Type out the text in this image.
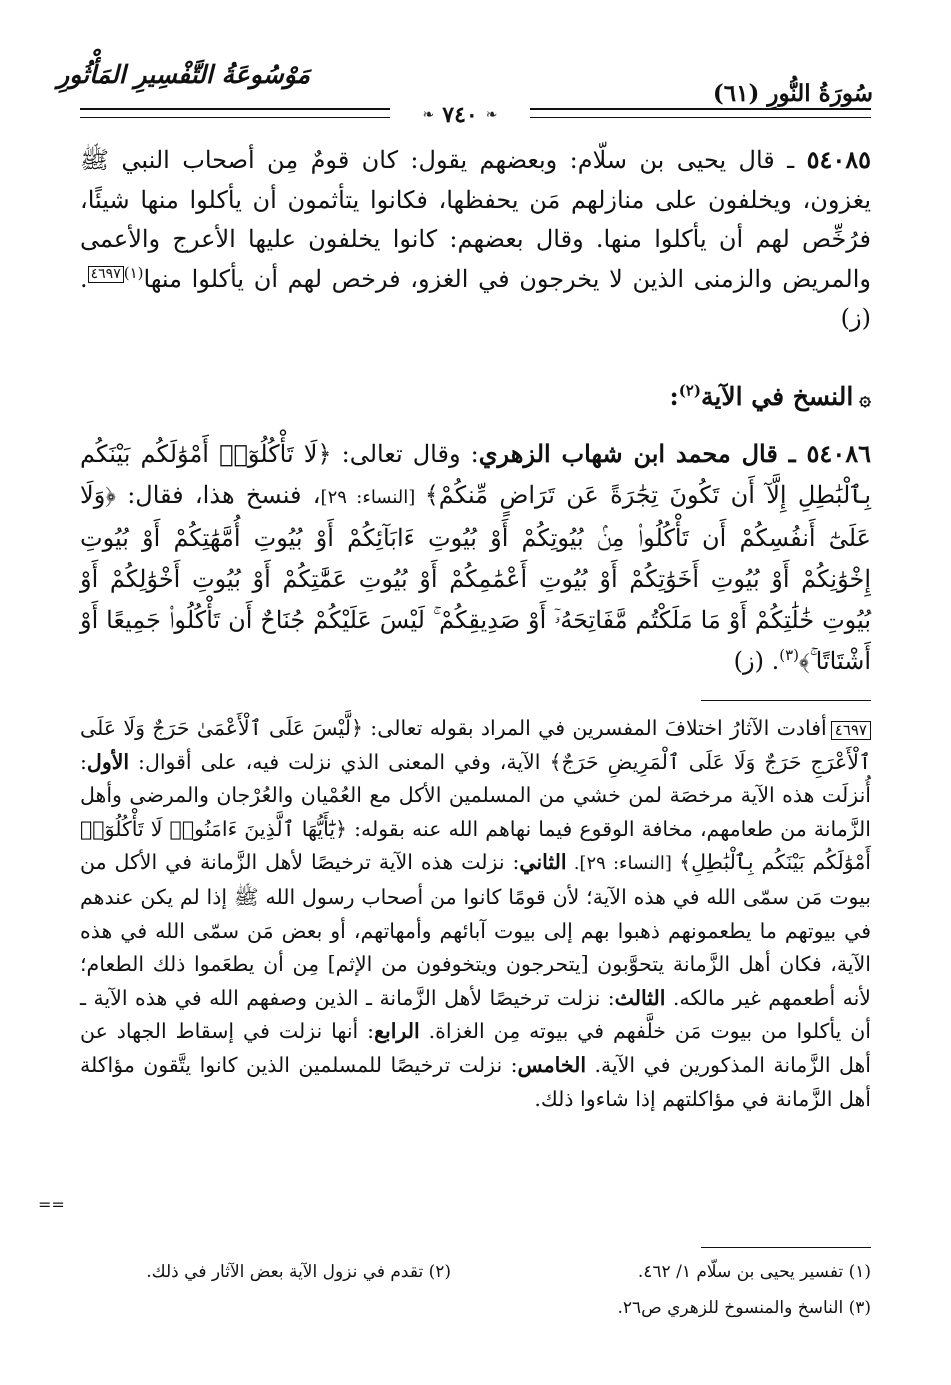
سُورَةُ النُّورِ (٦١)
مَوْسُوعَةُ التَّفْسِيرِ المَأْثُورِ
❧ ٧٤٠ ❧

٥٤٠٨٥ ـ قال يحيى بن سلّام: وبعضهم يقول: كان قومٌ مِن أصحاب النبي ﷺ يغزون، ويخلفون على منازلهم مَن يحفظها، فكانوا يتأثمون أن يأكلوا منها شيئًا، فرُخِّص لهم أن يأكلوا منها. وقال بعضهم: كانوا يخلفون عليها الأعرج والأعمى والمريض والزمنى الذين لا يخرجون في الغزو، فرخص لهم أن يأكلوا منها$^{(١)}$٤٦٩٧. (ز)

۞النسخ في الآية$^{(٢)}$:
٥٤٠٨٦ ـ قال محمد ابن شهاب الزهري: وقال تعالى: ﴿لَا تَأْكُلُوٓا۟ أَمْوَٰلَكُم بَيْنَكُم بِٱلْبَٰطِلِ إِلَّآ أَن تَكُونَ تِجَٰرَةً عَن تَرَاضٍ مِّنكُمْ﴾ [النساء: ٢٩]، فنسخ هذا، فقال: ﴿وَلَا عَلَىٰٓ أَنفُسِكُمْ أَن تَأْكُلُوا۟ مِنۢ بُيُوتِكُمْ أَوْ بُيُوتِ ءَابَآئِكُمْ أَوْ بُيُوتِ أُمَّهَٰتِكُمْ أَوْ بُيُوتِ إِخْوَٰنِكُمْ أَوْ بُيُوتِ أَخَوَٰتِكُمْ أَوْ بُيُوتِ أَعْمَٰمِكُمْ أَوْ بُيُوتِ عَمَّٰتِكُمْ أَوْ بُيُوتِ أَخْوَٰلِكُمْ أَوْ بُيُوتِ خَٰلَٰتِكُمْ أَوْ مَا مَلَكْتُم مَّفَاتِحَهُۥٓ أَوْ صَدِيقِكُمْ ۚ لَيْسَ عَلَيْكُمْ جُنَاحٌ أَن تَأْكُلُوا۟ جَمِيعًا أَوْ أَشْتَاتًا ۚ﴾$^{(٣)}$. (ز)
٤٦٩٧أفادت الآثارُ اختلافَ المفسرين في المراد بقوله تعالى: ﴿لَّيْسَ عَلَى ٱلْأَعْمَىٰ حَرَجٌ وَلَا عَلَى ٱلْأَعْرَجِ حَرَجٌ وَلَا عَلَى ٱلْمَرِيضِ حَرَجٌ﴾ الآية، وفي المعنى الذي نزلت فيه، على أقوال: الأول: أُنزلَت هذه الآية مرخصَة لمن خشي من المسلمين الأكل مع العُمْيان والعُرْجان والمرضى وأهل الزَّمانة من طعامهم، مخافة الوقوع فيما نهاهم الله عنه بقوله: ﴿يَٰٓأَيُّهَا ٱلَّذِينَ ءَامَنُوا۟ لَا تَأْكُلُوٓا۟ أَمْوَٰلَكُم بَيْنَكُم بِٱلْبَٰطِلِ﴾ [النساء: ٢٩]. الثاني: نزلت هذه الآية ترخيصًا لأهل الزَّمانة في الأكل من بيوت مَن سمّى الله في هذه الآية؛ لأن قومًا كانوا من أصحاب رسول الله ﷺ إذا لم يكن عندهم في بيوتهم ما يطعمونهم ذهبوا بهم إلى بيوت آبائهم وأمهاتهم، أو بعض مَن سمّى الله في هذه الآية، فكان أهل الزَّمانة يتحوَّبون [يتحرجون ويتخوفون من الإثم] مِن أن يطعَموا ذلك الطعام؛ لأنه أطعمهم غير مالكه. الثالث: نزلت ترخيصًا لأهل الزَّمانة ـ الذين وصفهم الله في هذه الآية ـ أن يأكلوا من بيوت مَن خلَّفهم في بيوته مِن الغزاة. الرابع: أنها نزلت في إسقاط الجهاد عن أهل الزَّمانة المذكورين في الآية. الخامس: نزلت ترخيصًا للمسلمين الذين كانوا يتَّقون مؤاكلة أهل الزَّمانة في مؤاكلتهم إذا شاءوا ذلك.
==
(١) تفسير يحيى بن سلّام ١/ ٤٦٢.
(٢) تقدم في نزول الآية بعض الآثار في ذلك.
(٣) الناسخ والمنسوخ للزهري ص٢٦.
